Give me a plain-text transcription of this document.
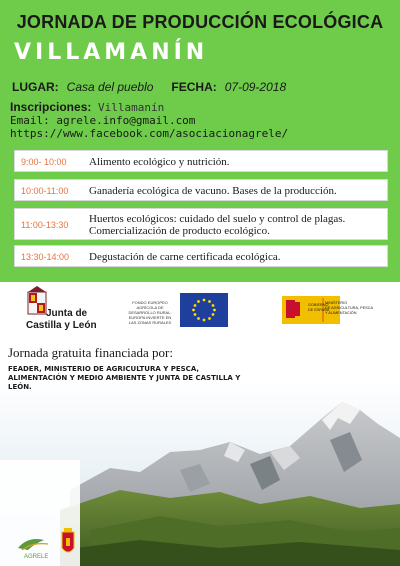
JORNADA DE PRODUCCIÓN ECOLÓGICA
VILLAMANÍN
LUGAR: Casa del pueblo FECHA: 07-09-2018
Inscripciones: Villamanín
Email: agrele.info@gmail.com
https://www.facebook.com/asociacionagrele/
9:00- 10:00 Alimento ecológico y nutrición.
10:00-11:00 Ganadería ecológica de vacuno. Bases de la producción.
11:00-13:30 Huertos ecológicos: cuidado del suelo y control de plagas. Comercialización de producto ecológico.
13:30-14:00 Degustación de carne certificada ecológica.
Junta de
Castilla y León
FONDO EUROPEO
AGRÍCOLA DE
DESARROLLO RURAL:
EUROPA INVIERTE EN
LAS ZONAS RURALES
GOBIERNO
DE ESPAÑA
MINISTERIO
DE AGRICULTURA, PESCA
Y ALIMENTACIÓN
Jornada gratuita financiada por:
FEADER, MINISTERIO DE AGRICULTURA Y PESCA, ALIMENTACIÓN Y MEDIO AMBIENTE Y JUNTA DE CASTILLA Y LEÓN.
AGRELE
